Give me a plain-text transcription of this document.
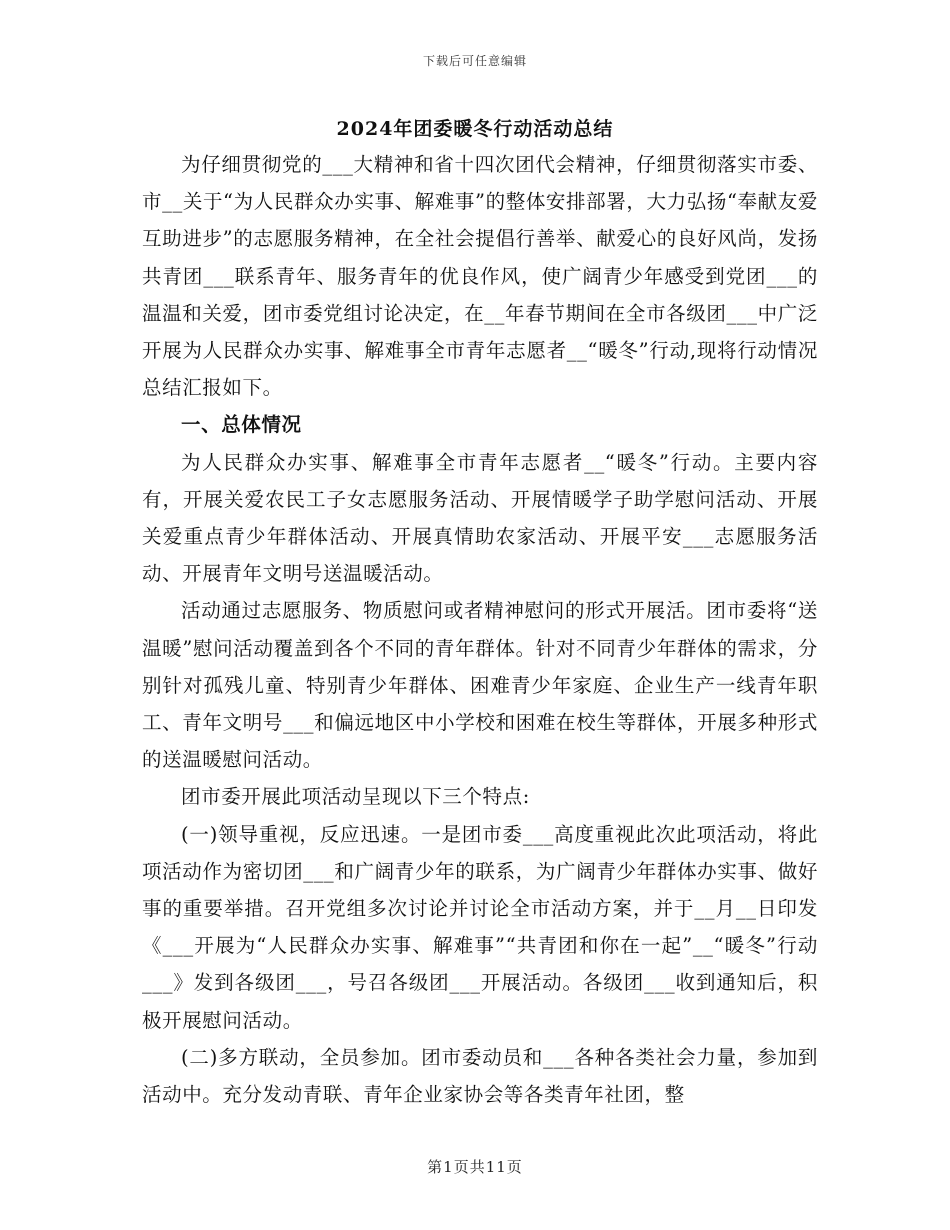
下载后可任意编辑
2024年团委暖冬行动活动总结

为仔细贯彻党的___大精神和省十四次团代会精神，仔细贯彻落实市委、市__关于“为人民群众办实事、解难事”的整体安排部署，大力弘扬“奉献友爱互助进步”的志愿服务精神，在全社会提倡行善举、献爱心的良好风尚，发扬共青团___联系青年、服务青年的优良作风，使广阔青少年感受到党团___的温温和关爱，团市委党组讨论决定，在__年春节期间在全市各级团___中广泛开展为人民群众办实事、解难事全市青年志愿者__“暖冬”行动,现将行动情况总结汇报如下。

一、总体情况

为人民群众办实事、解难事全市青年志愿者__“暖冬”行动。主要内容有，开展关爱农民工子女志愿服务活动、开展情暖学子助学慰问活动、开展关爱重点青少年群体活动、开展真情助农家活动、开展平安___志愿服务活动、开展青年文明号送温暖活动。

活动通过志愿服务、物质慰问或者精神慰问的形式开展活。团市委将“送温暖”慰问活动覆盖到各个不同的青年群体。针对不同青少年群体的需求，分别针对孤残儿童、特别青少年群体、困难青少年家庭、企业生产一线青年职工、青年文明号___和偏远地区中小学校和困难在校生等群体，开展多种形式的送温暖慰问活动。

团市委开展此项活动呈现以下三个特点:

(一)领导重视，反应迅速。一是团市委___高度重视此次此项活动，将此项活动作为密切团___和广阔青少年的联系，为广阔青少年群体办实事、做好事的重要举措。召开党组多次讨论并讨论全市活动方案，并于__月__日印发《___开展为“人民群众办实事、解难事”“共青团和你在一起”__“暖冬”行动___》发到各级团___，号召各级团___开展活动。各级团___收到通知后，积极开展慰问活动。

(二)多方联动，全员参加。团市委动员和___各种各类社会力量，参加到活动中。充分发动青联、青年企业家协会等各类青年社团，整

第1页共11页
